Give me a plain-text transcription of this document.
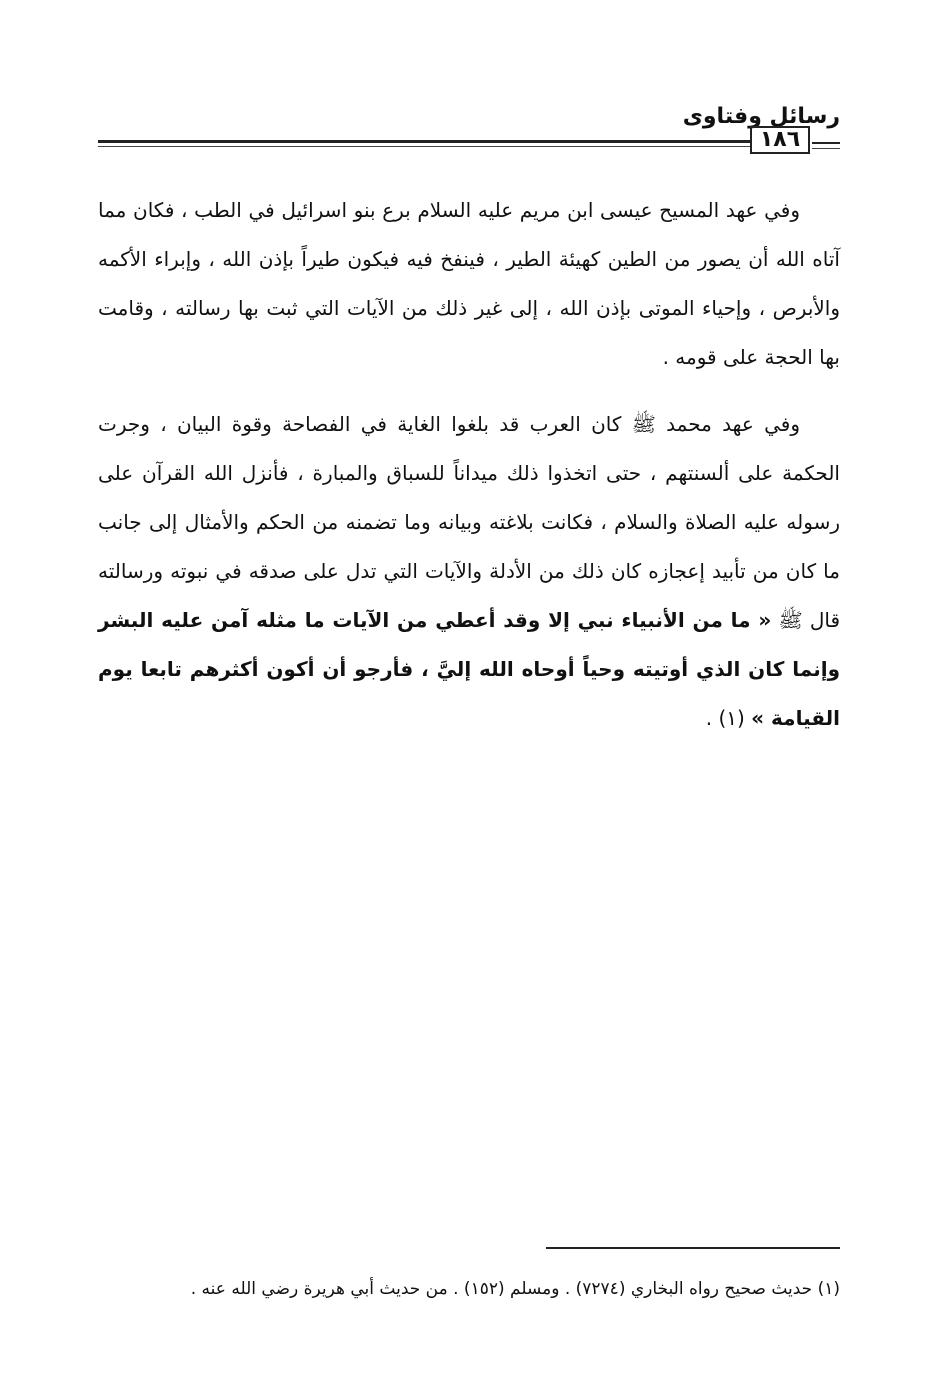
رسائل وفتاوى
١٨٦

وفي عهد المسيح عيسى ابن مريم عليه السلام برع بنو اسرائيل في الطب ، فكان مما آتاه الله أن يصور من الطين كهيئة الطير ، فينفخ فيه فيكون طيراً بإذن الله ، وإبراء الأكمه والأبرص ، وإحياء الموتى بإذن الله ، إلى غير ذلك من الآيات التي ثبت بها رسالته ، وقامت بها الحجة على قومه .

وفي عهد محمد ﷺ كان العرب قد بلغوا الغاية في الفصاحة وقوة البيان ، وجرت الحكمة على ألسنتهم ، حتى اتخذوا ذلك ميداناً للسباق والمبارة ، فأنزل الله القرآن على رسوله عليه الصلاة والسلام ، فكانت بلاغته وبيانه وما تضمنه من الحكم والأمثال إلى جانب ما كان من تأبيد إعجازه كان ذلك من الأدلة والآيات التي تدل على صدقه في نبوته ورسالته قال ﷺ « ما من الأنبياء نبي إلا وقد أعطي من الآيات ما مثله آمن عليه البشر وإنما كان الذي أوتيته وحياً أوحاه الله إليَّ ، فأرجو أن أكون أكثرهم تابعا يوم القيامة » (١) .

(١) حديث صحيح رواه البخاري (٧٢٧٤) . ومسلم (١٥٢) . من حديث أبي هريرة رضي الله عنه .
